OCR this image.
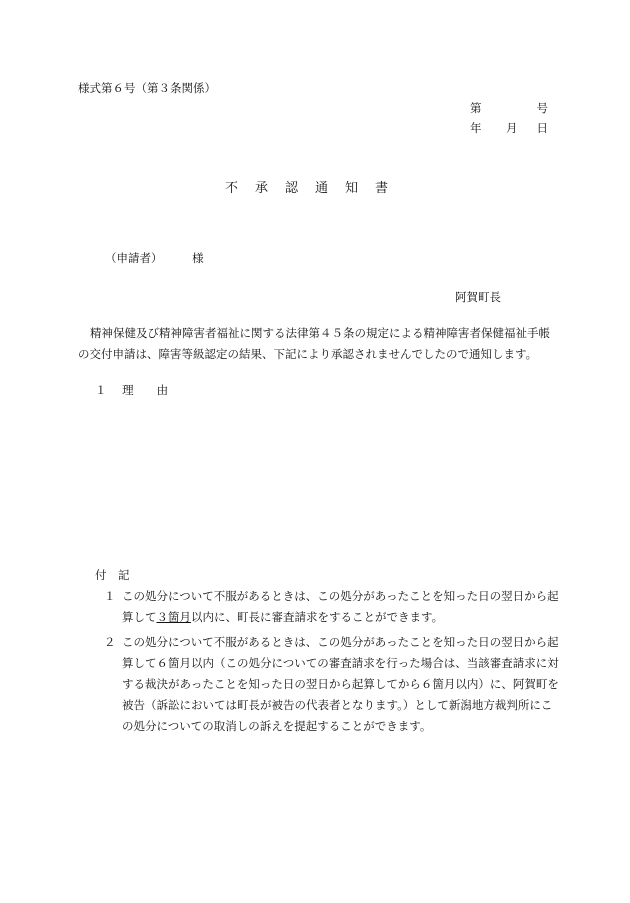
様式第６号（第３条関係）
第	号
年 月 日
不承認通知書
（申請者）	様
阿賀町長
精神保健及び精神障害者福祉に関する法律第４５条の規定による精神障害者保健福祉手帳の交付申請は、障害等級認定の結果、下記により承認されませんでしたので通知します。
１ 理　　由
付　記
１ この処分について不服があるときは、この処分があったことを知った日の翌日から起算して３箇月以内に、町長に審査請求をすることができます。
２ この処分について不服があるときは、この処分があったことを知った日の翌日から起算して６箇月以内（この処分についての審査請求を行った場合は、当該審査請求に対する裁決があったことを知った日の翌日から起算してから６箇月以内）に、阿賀町を被告（訴訟においては町長が被告の代表者となります。）として新潟地方裁判所にこの処分についての取消しの訴えを提起することができます。
